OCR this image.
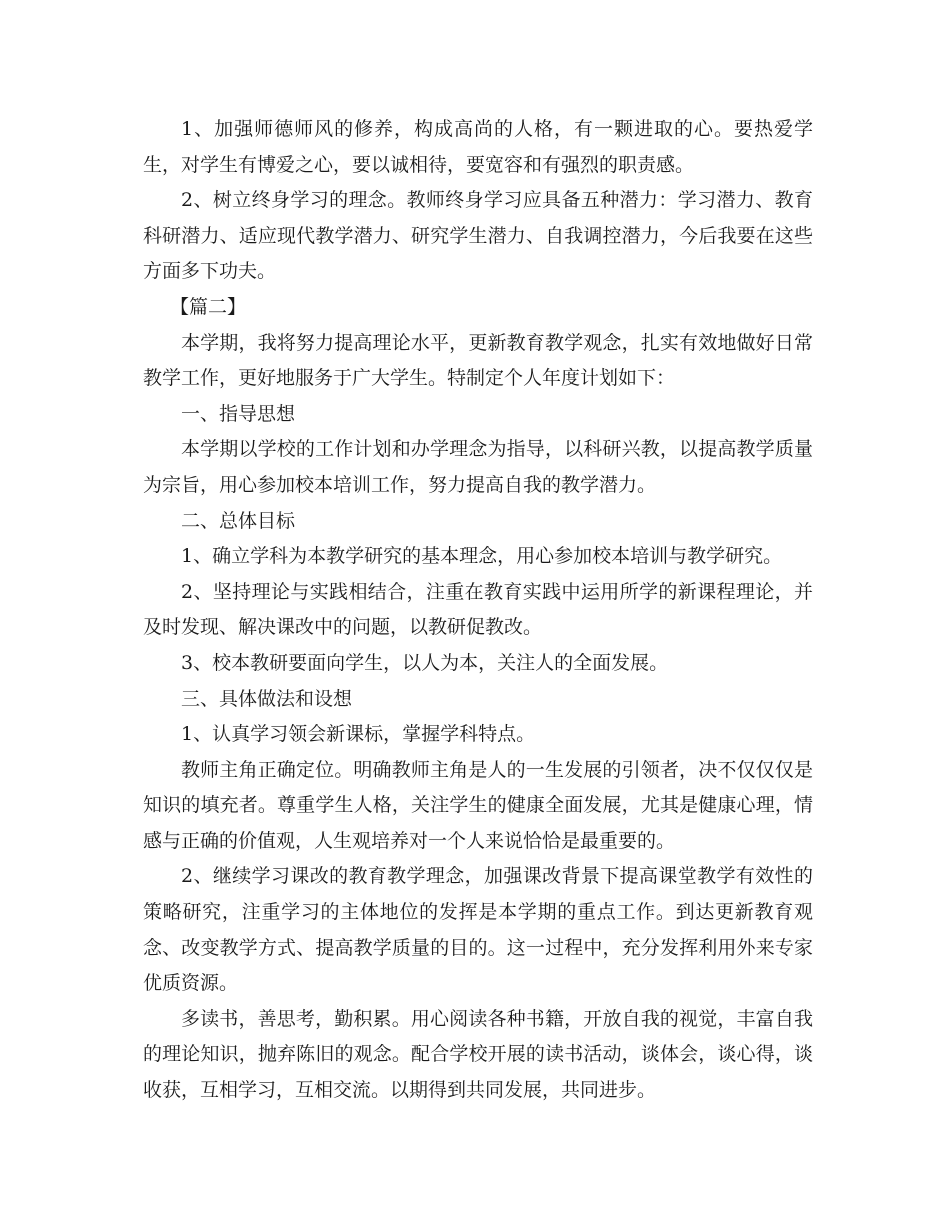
1、加强师德师风的修养，构成高尚的人格，有一颗进取的心。要热爱学生，对学生有博爱之心，要以诚相待，要宽容和有强烈的职责感。

2、树立终身学习的理念。教师终身学习应具备五种潜力：学习潜力、教育科研潜力、适应现代教学潜力、研究学生潜力、自我调控潜力，今后我要在这些方面多下功夫。

【篇二】

本学期，我将努力提高理论水平，更新教育教学观念，扎实有效地做好日常教学工作，更好地服务于广大学生。特制定个人年度计划如下：

一、指导思想

本学期以学校的工作计划和办学理念为指导，以科研兴教，以提高教学质量为宗旨，用心参加校本培训工作，努力提高自我的教学潜力。

二、总体目标

1、确立学科为本教学研究的基本理念，用心参加校本培训与教学研究。

2、坚持理论与实践相结合，注重在教育实践中运用所学的新课程理论，并及时发现、解决课改中的问题，以教研促教改。

3、校本教研要面向学生，以人为本，关注人的全面发展。

三、具体做法和设想

1、认真学习领会新课标，掌握学科特点。

教师主角正确定位。明确教师主角是人的一生发展的引领者，决不仅仅仅是知识的填充者。尊重学生人格，关注学生的健康全面发展，尤其是健康心理，情感与正确的价值观，人生观培养对一个人来说恰恰是最重要的。

2、继续学习课改的教育教学理念，加强课改背景下提高课堂教学有效性的策略研究，注重学习的主体地位的发挥是本学期的重点工作。到达更新教育观念、改变教学方式、提高教学质量的目的。这一过程中，充分发挥利用外来专家优质资源。

多读书，善思考，勤积累。用心阅读各种书籍，开放自我的视觉，丰富自我的理论知识，抛弃陈旧的观念。配合学校开展的读书活动，谈体会，谈心得，谈收获，互相学习，互相交流。以期得到共同发展，共同进步。
